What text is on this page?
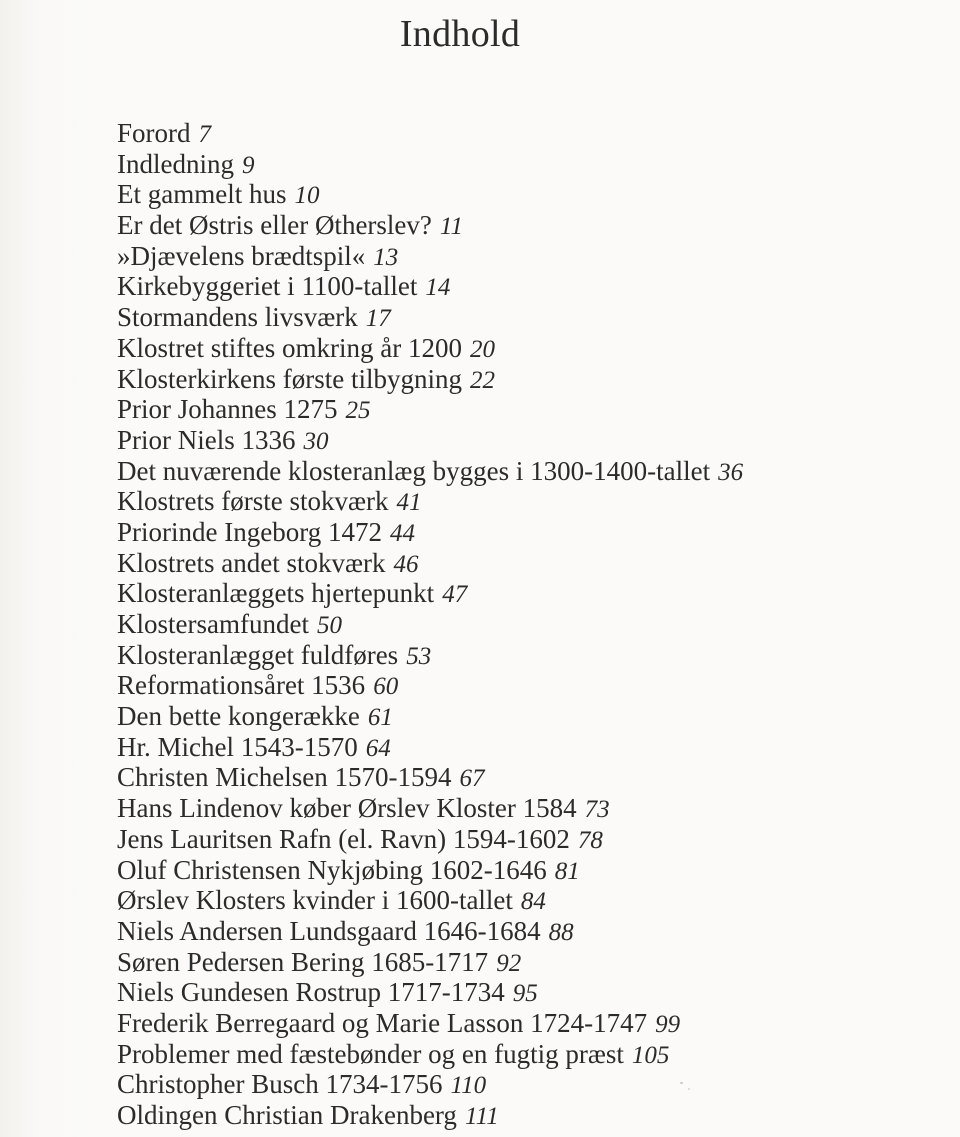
Indhold
Forord 7
Indledning 9
Et gammelt hus 10
Er det Østris eller Øtherslev? 11
»Djævelens brædtspil« 13
Kirkebyggeriet i 1100-tallet 14
Stormandens livsværk 17
Klostret stiftes omkring år 1200 20
Klosterkirkens første tilbygning 22
Prior Johannes 1275 25
Prior Niels 1336 30
Det nuværende klosteranlæg bygges i 1300-1400-tallet 36
Klostrets første stokværk 41
Priorinde Ingeborg 1472 44
Klostrets andet stokværk 46
Klosteranlæggets hjertepunkt 47
Klostersamfundet 50
Klosteranlægget fuldføres 53
Reformationsåret 1536 60
Den bette kongerække 61
Hr. Michel 1543-1570 64
Christen Michelsen 1570-1594 67
Hans Lindenov køber Ørslev Kloster 1584 73
Jens Lauritsen Rafn (el. Ravn) 1594-1602 78
Oluf Christensen Nykjøbing 1602-1646 81
Ørslev Klosters kvinder i 1600-tallet 84
Niels Andersen Lundsgaard 1646-1684 88
Søren Pedersen Bering 1685-1717 92
Niels Gundesen Rostrup 1717-1734 95
Frederik Berregaard og Marie Lasson 1724-1747 99
Problemer med fæstebønder og en fugtig præst 105
Christopher Busch 1734-1756 110
Oldingen Christian Drakenberg 111
